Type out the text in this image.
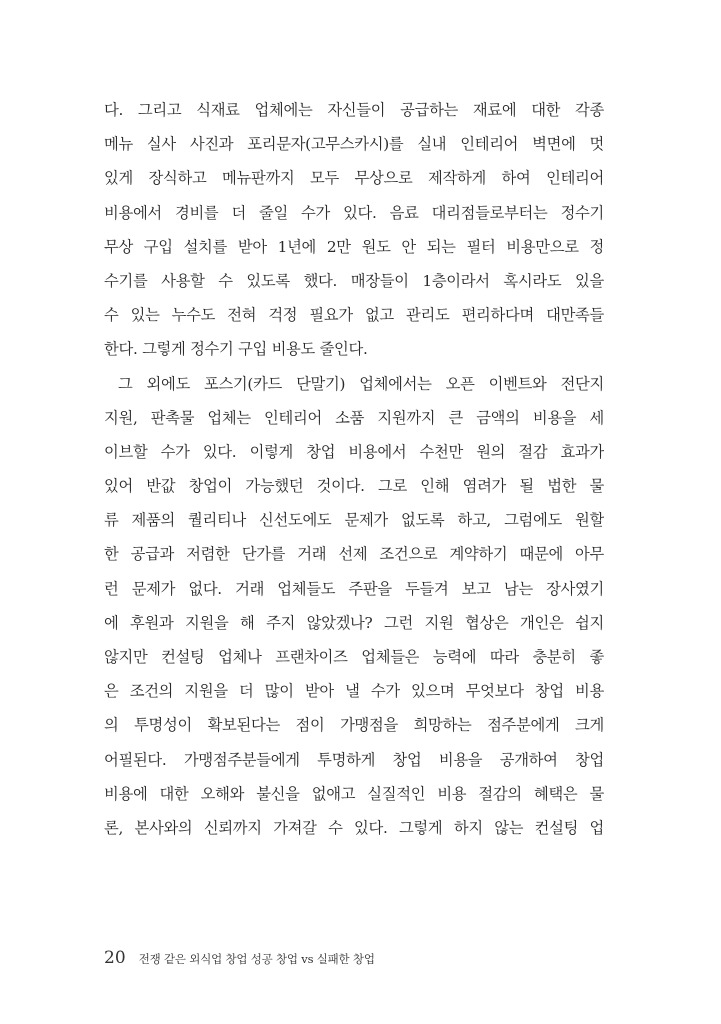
다. 그리고 식재료 업체에는 자신들이 공급하는 재료에 대한 각종
메뉴 실사 사진과 포리문자(고무스카시)를 실내 인테리어 벽면에 멋
있게 장식하고 메뉴판까지 모두 무상으로 제작하게 하여 인테리어
비용에서 경비를 더 줄일 수가 있다. 음료 대리점들로부터는 정수기
무상 구입 설치를 받아 1년에 2만 원도 안 되는 필터 비용만으로 정
수기를 사용할 수 있도록 했다. 매장들이 1층이라서 혹시라도 있을
수 있는 누수도 전혀 걱정 필요가 없고 관리도 편리하다며 대만족들
한다. 그렇게 정수기 구입 비용도 줄인다.
그 외에도 포스기(카드 단말기) 업체에서는 오픈 이벤트와 전단지
지원, 판촉물 업체는 인테리어 소품 지원까지 큰 금액의 비용을 세
이브할 수가 있다. 이렇게 창업 비용에서 수천만 원의 절감 효과가
있어 반값 창업이 가능했던 것이다. 그로 인해 염려가 될 법한 물
류 제품의 퀄리티나 신선도에도 문제가 없도록 하고, 그럼에도 원할
한 공급과 저렴한 단가를 거래 선제 조건으로 계약하기 때문에 아무
런 문제가 없다. 거래 업체들도 주판을 두들겨 보고 남는 장사였기
에 후원과 지원을 해 주지 않았겠나? 그런 지원 협상은 개인은 쉽지
않지만 컨설팅 업체나 프랜차이즈 업체들은 능력에 따라 충분히 좋
은 조건의 지원을 더 많이 받아 낼 수가 있으며 무엇보다 창업 비용
의 투명성이 확보된다는 점이 가맹점을 희망하는 점주분에게 크게
어필된다. 가맹점주분들에게 투명하게 창업 비용을 공개하여 창업
비용에 대한 오해와 불신을 없애고 실질적인 비용 절감의 혜택은 물
론, 본사와의 신뢰까지 가져갈 수 있다. 그렇게 하지 않는 컨설팅 업
20 전쟁 같은 외식업 창업 성공 창업 vs 실패한 창업
